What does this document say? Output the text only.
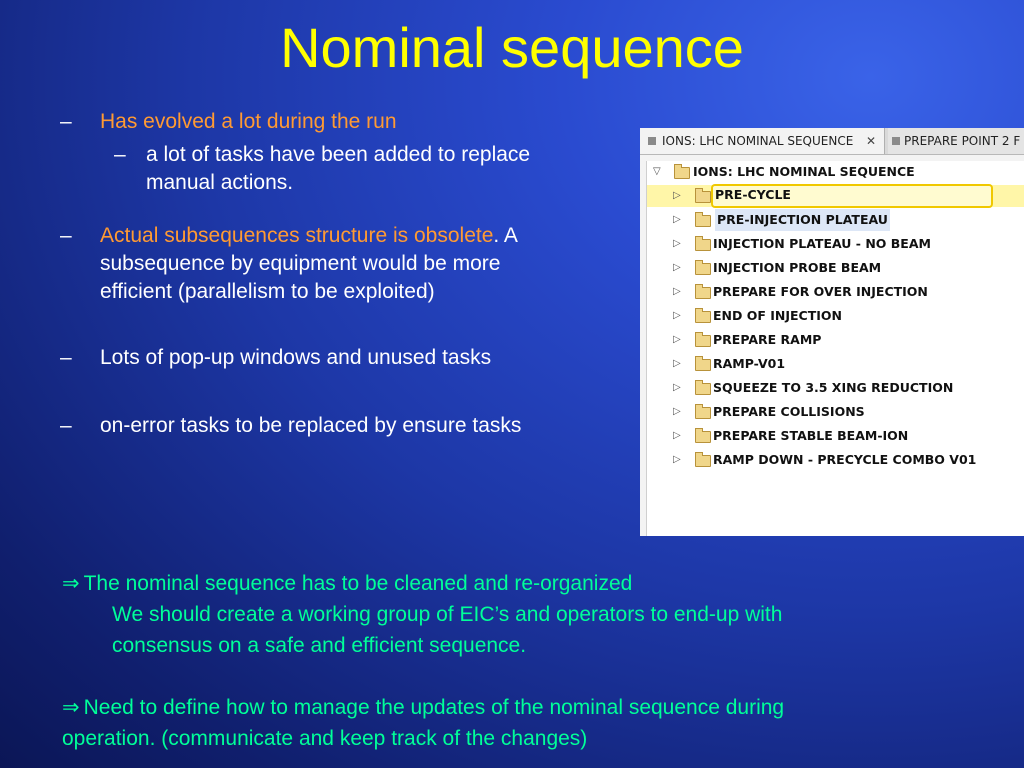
Nominal sequence
– Has evolved a lot during the run
– a lot of tasks have been added to replace
manual actions.
– Actual subsequences structure is obsolete. A
subsequence by equipment would be more
efficient (parallelism to be exploited)
– Lots of pop-up windows and unused tasks
– on-error tasks to be replaced by ensure tasks
IONS: LHC NOMINAL SEQUENCE ✕ PREPARE POINT 2 F
▽	IONS: LHC NOMINAL SEQUENCE
▷	PRE-CYCLE
▷	PRE-INJECTION PLATEAU
▷	INJECTION PLATEAU - NO BEAM
▷	INJECTION PROBE BEAM
▷	PREPARE FOR OVER INJECTION
▷	END OF INJECTION
▷	PREPARE RAMP
▷	RAMP-V01
▷	SQUEEZE TO 3.5 XING REDUCTION
▷	PREPARE COLLISIONS
▷	PREPARE STABLE BEAM-ION
▷	RAMP DOWN - PRECYCLE COMBO V01
⇒ The nominal sequence has to be cleaned and re-organized
We should create a working group of EIC’s and operators to end-up with
consensus on a safe and efficient sequence.
⇒ Need to define how to manage the updates of the nominal sequence during
operation. (communicate and keep track of the changes)
